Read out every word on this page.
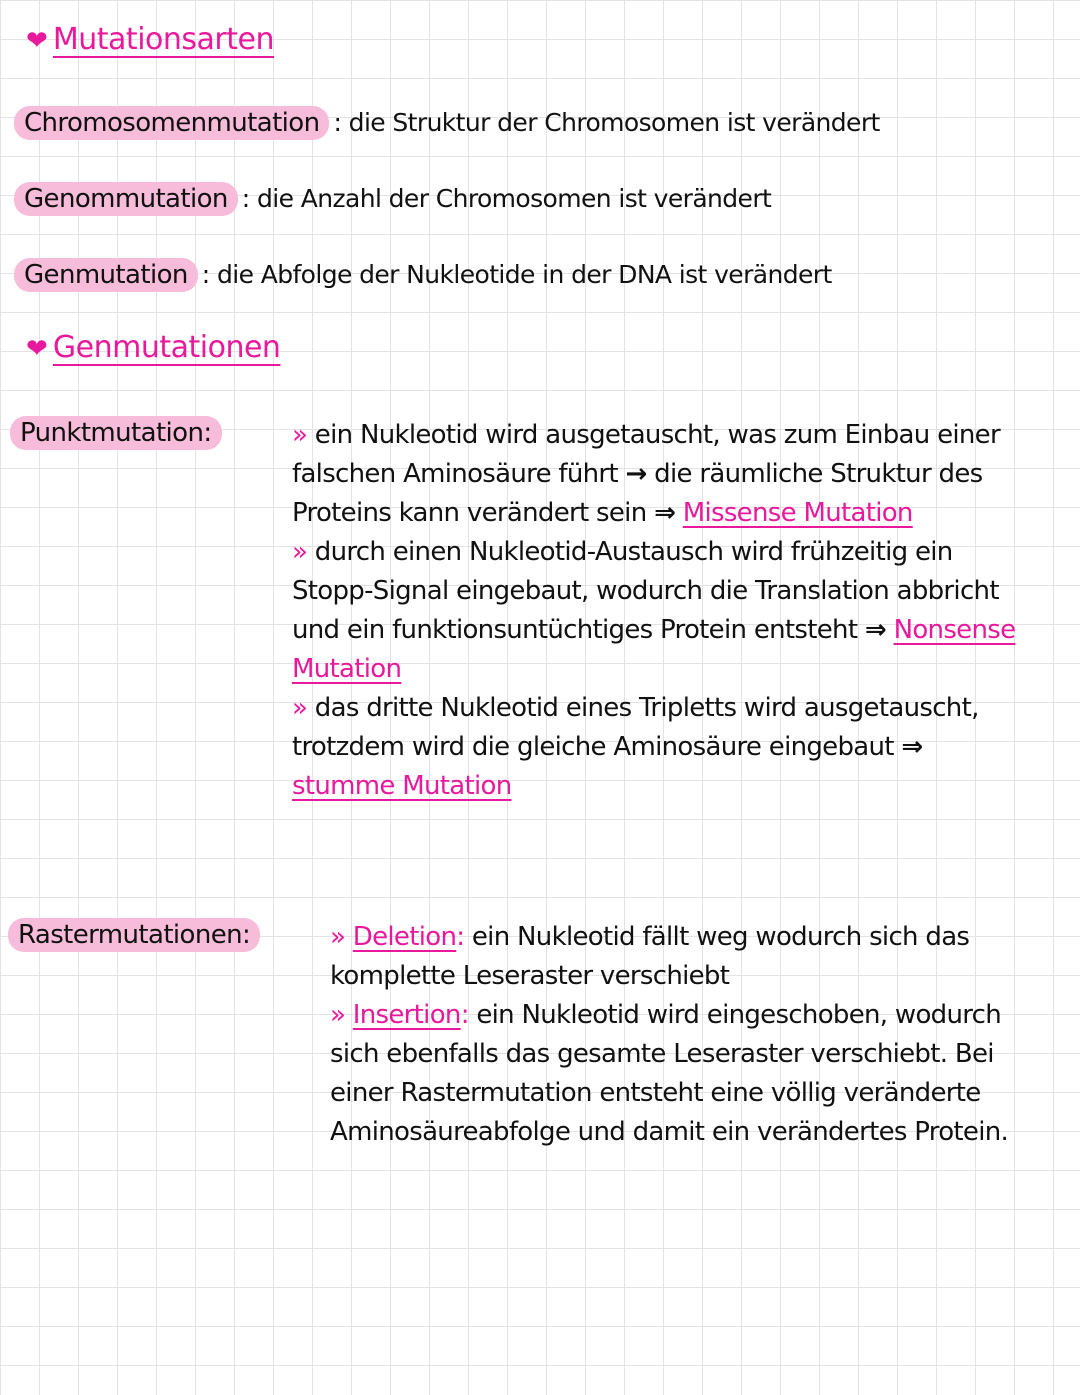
❤ Mutationsarten
Chromosomenmutation : die Struktur der Chromosomen ist verändert
Genommutation : die Anzahl der Chromosomen ist verändert
Genmutation : die Abfolge der Nukleotide in der DNA ist verändert
❤ Genmutationen
Punktmutation:	» ein Nukleotid wird ausgetauscht, was zum Einbau einer falschen Aminosäure führt → die räumliche Struktur des Proteins kann verändert sein ⇒ Missense Mutation

» durch einen Nukleotid-Austausch wird frühzeitig ein Stopp-Signal eingebaut, wodurch die Translation abbricht und ein funktionsuntüchtiges Protein entsteht ⇒ Nonsense Mutation

» das dritte Nukleotid eines Tripletts wird ausgetauscht, trotzdem wird die gleiche Aminosäure eingebaut ⇒ stumme Mutation

Rastermutationen:	» Deletion: ein Nukleotid fällt weg wodurch sich das komplette Leseraster verschiebt

» Insertion: ein Nukleotid wird eingeschoben, wodurch sich ebenfalls das gesamte Leseraster verschiebt. Bei einer Rastermutation entsteht eine völlig veränderte Aminosäureabfolge und damit ein verändertes Protein.
